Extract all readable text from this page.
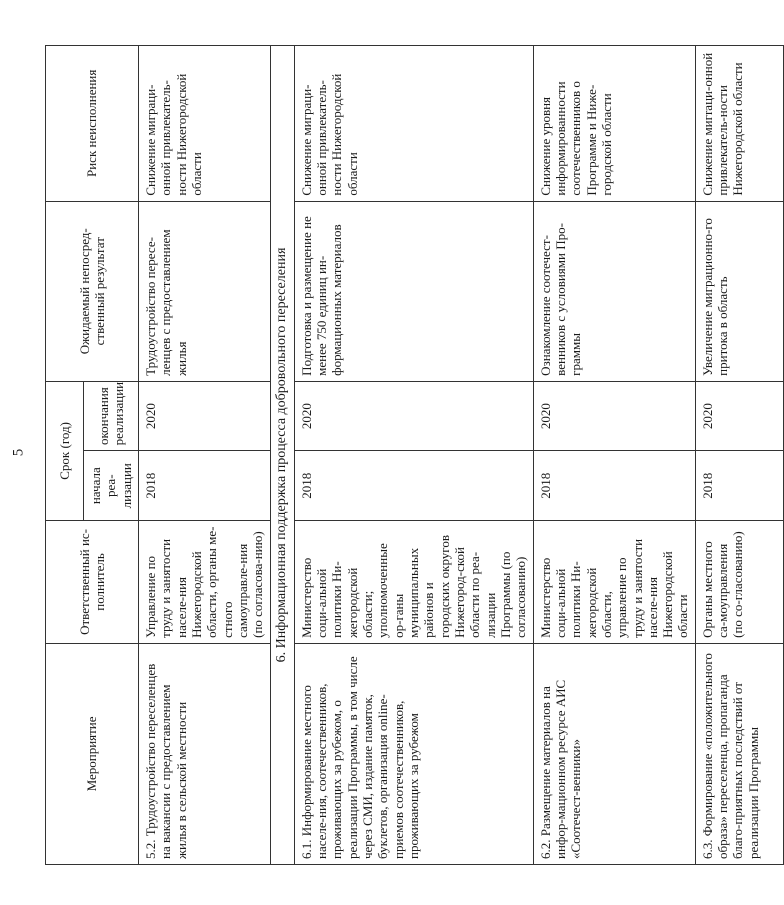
5
Мероприятие	Ответственный ис-полнитель	Срок (год)		Ожидаемый непосред-ственный результат	Риск неисполнения
		начала реа-лизации	окончания реализации		
5.2. Трудоустройство переселенцев на вакансии с предоставлением жилья в сельской местности	Управление по труду и занятости населе-ния Нижегородской области, органы ме-стного самоуправле-ния (по согласова-нию)	2018	2020	Трудоустройство пересе-ленцев с предоставлением жилья	Снижение миграци-онной привлекатель-ности Нижегородской области
6. Информационная поддержка процесса добровольного переселения					
6.1. Информирование местного населе-ния, соотечественников, проживающих за рубежом, о реализации Программы, в том числе через СМИ, издание памяток, буклетов, организация online-приемов соотечественников, проживающих за рубежом	Министерство соци-альной политики Ни-жегородской области; уполномоченные ор-ганы муниципальных районов и городских округов Нижегород-ской области по реа-лизации Программы (по согласованию)	2018	2020	Подготовка и размещение не менее 750 единиц ин-формационных материалов	Снижение миграци-онной привлекатель-ности Нижегородской области
6.2. Размещение материалов на инфор-мационном ресурсе АИС «Соотечест-венники»	Министерство соци-альной политики Ни-жегородской области, управление по труду и занятости населе-ния Нижегородской области	2018	2020	Ознакомление соотечест-венников с условиями Про-граммы	Снижение уровня информированности соотечественников о Программе и Ниже-городской области
6.3. Формирование «положительного образа» переселенца, пропаганда благо-приятных последствий от реализации Программы	Органы местного са-моуправления (по со-гласованию)	2018	2020	Увеличение миграционно-го притока в область	Снижение мигraци-онной привлекатель-ности Нижегородской области
